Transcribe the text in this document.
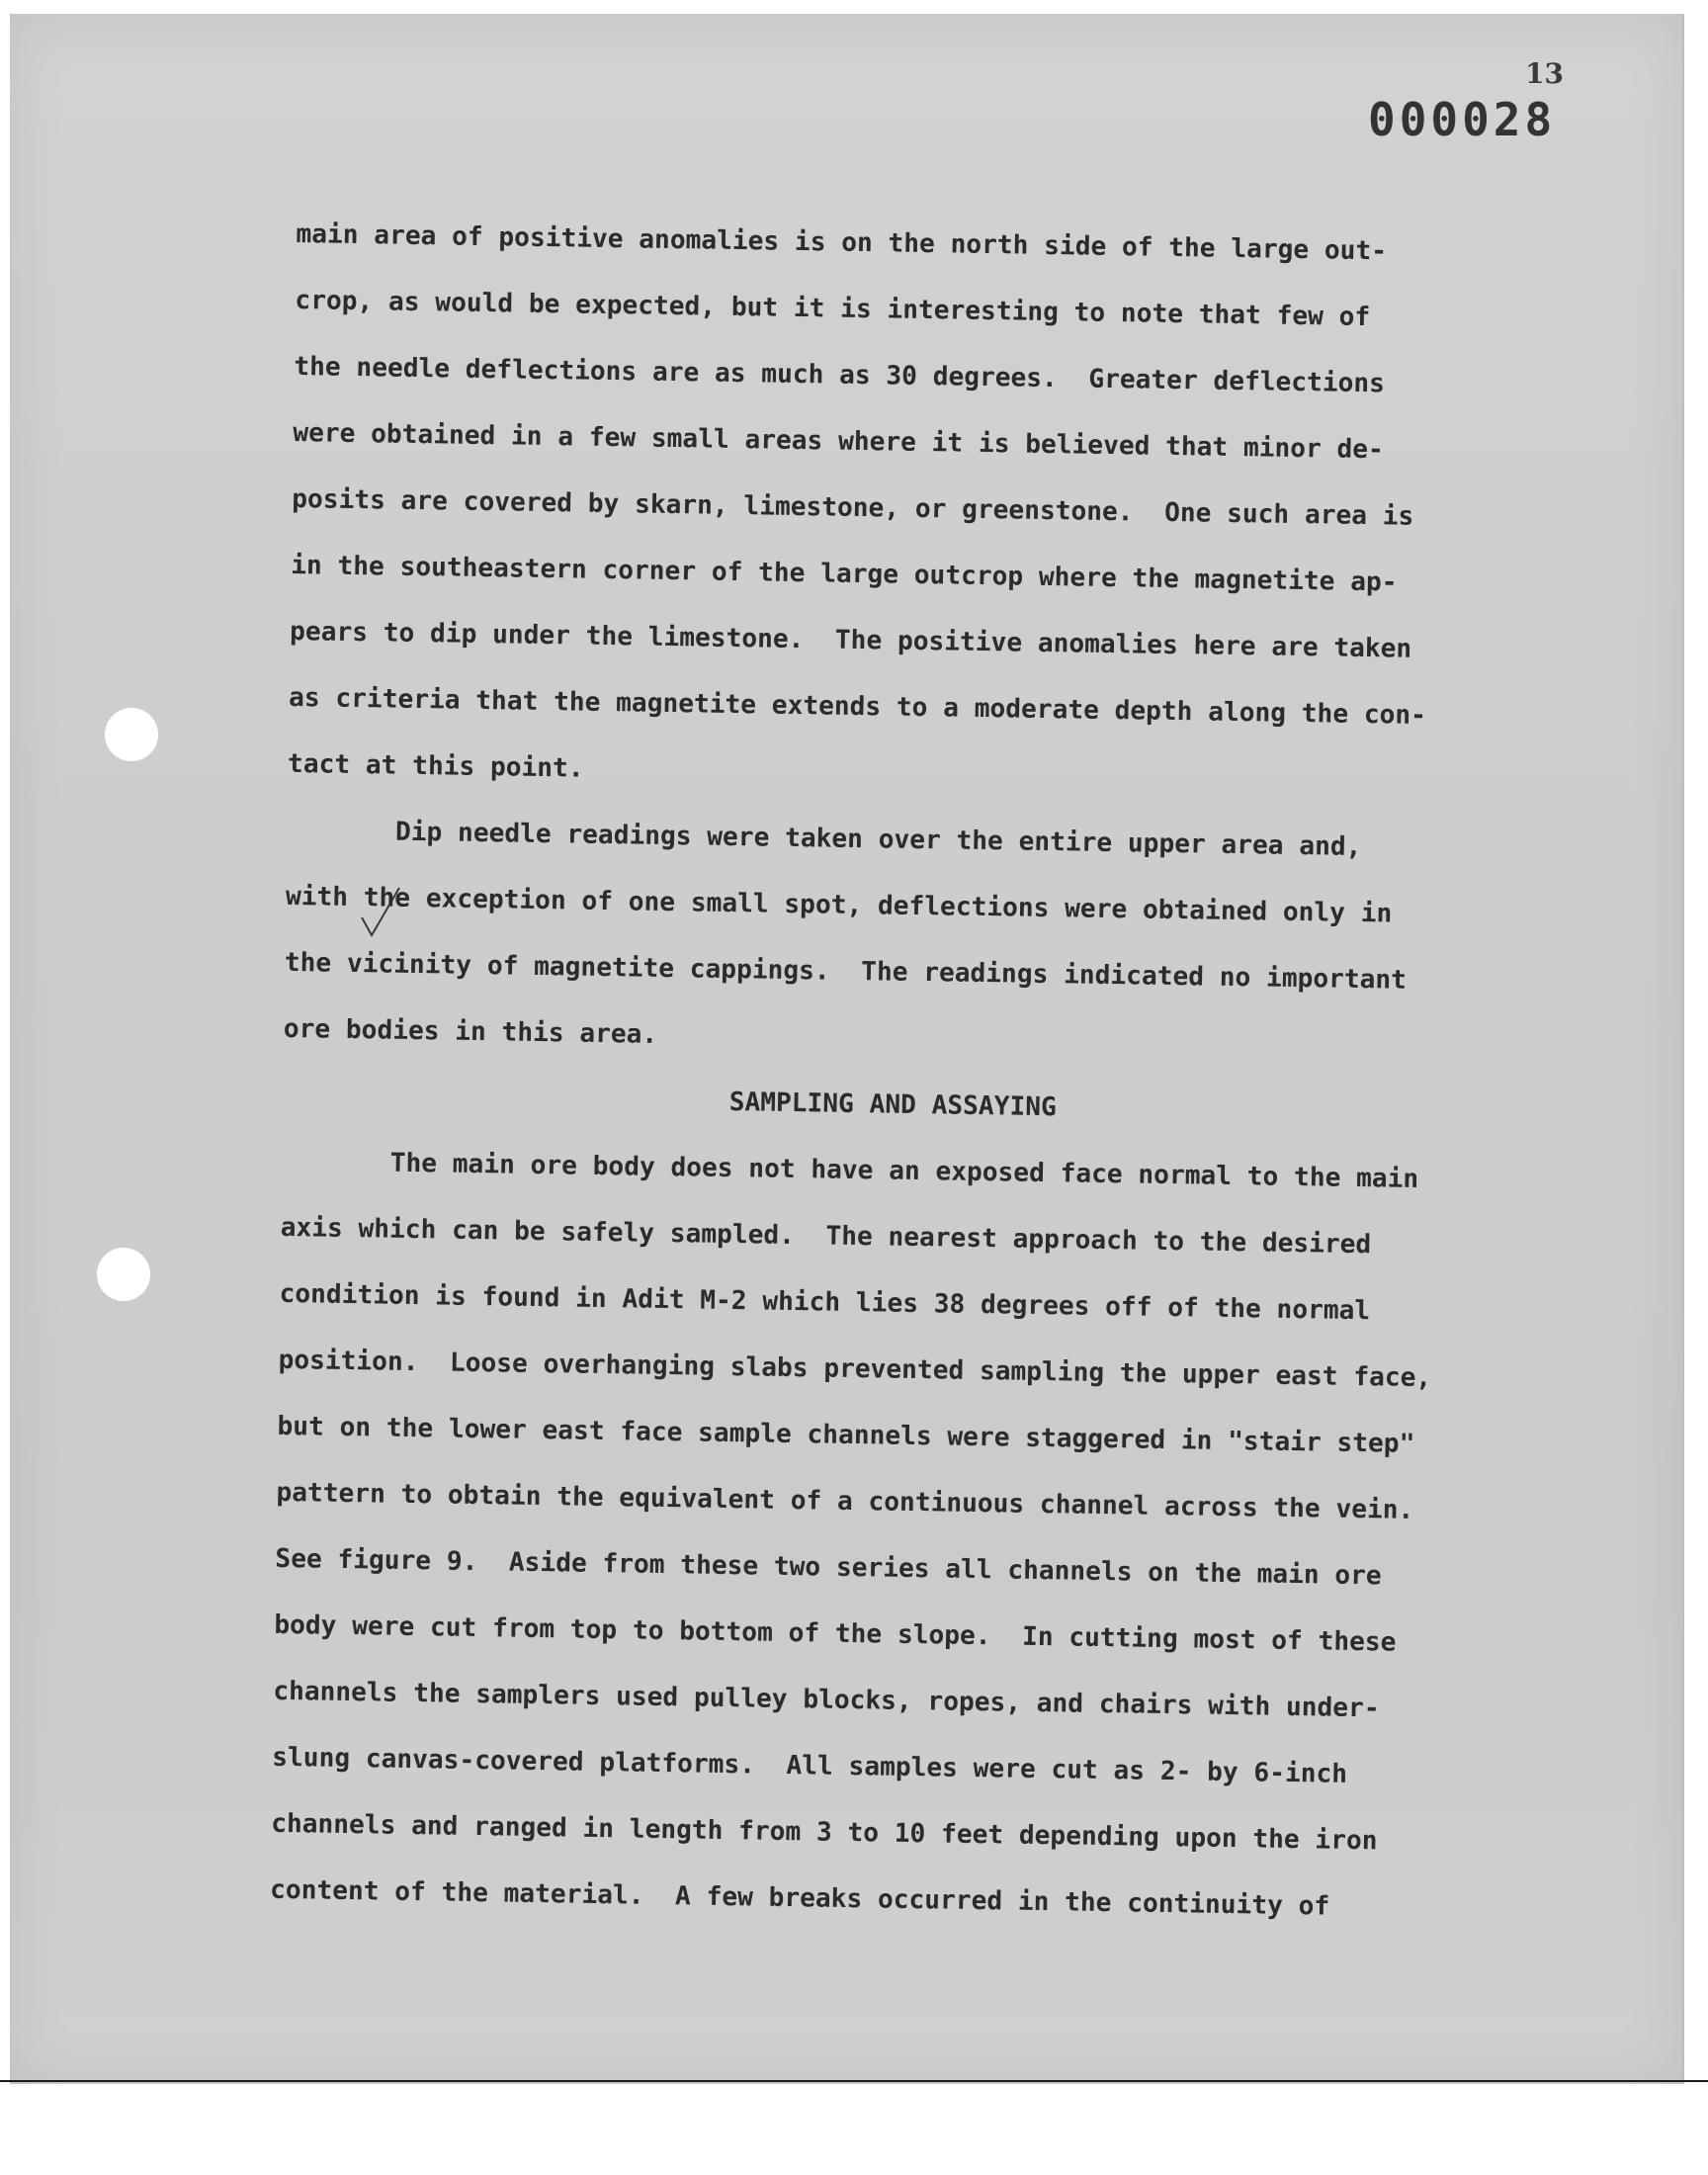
13
000028
main area of positive anomalies is on the north side of the large out-
crop, as would be expected, but it is interesting to note that few of
the needle deflections are as much as 30 degrees.  Greater deflections
were obtained in a few small areas where it is believed that minor de-
posits are covered by skarn, limestone, or greenstone.  One such area is
in the southeastern corner of the large outcrop where the magnetite ap-
pears to dip under the limestone.  The positive anomalies here are taken
as criteria that the magnetite extends to a moderate depth along the con-
tact at this point.
Dip needle readings were taken over the entire upper area and,
with the exception of one small spot, deflections were obtained only in
the vicinity of magnetite cappings.  The readings indicated no important
ore bodies in this area.
SAMPLING AND ASSAYING
The main ore body does not have an exposed face normal to the main
axis which can be safely sampled.  The nearest approach to the desired
condition is found in Adit M-2 which lies 38 degrees off of the normal
position.  Loose overhanging slabs prevented sampling the upper east face,
but on the lower east face sample channels were staggered in "stair step"
pattern to obtain the equivalent of a continuous channel across the vein.
See figure 9.  Aside from these two series all channels on the main ore
body were cut from top to bottom of the slope.  In cutting most of these
channels the samplers used pulley blocks, ropes, and chairs with under-
slung canvas-covered platforms.  All samples were cut as 2- by 6-inch
channels and ranged in length from 3 to 10 feet depending upon the iron
content of the material.  A few breaks occurred in the continuity of
